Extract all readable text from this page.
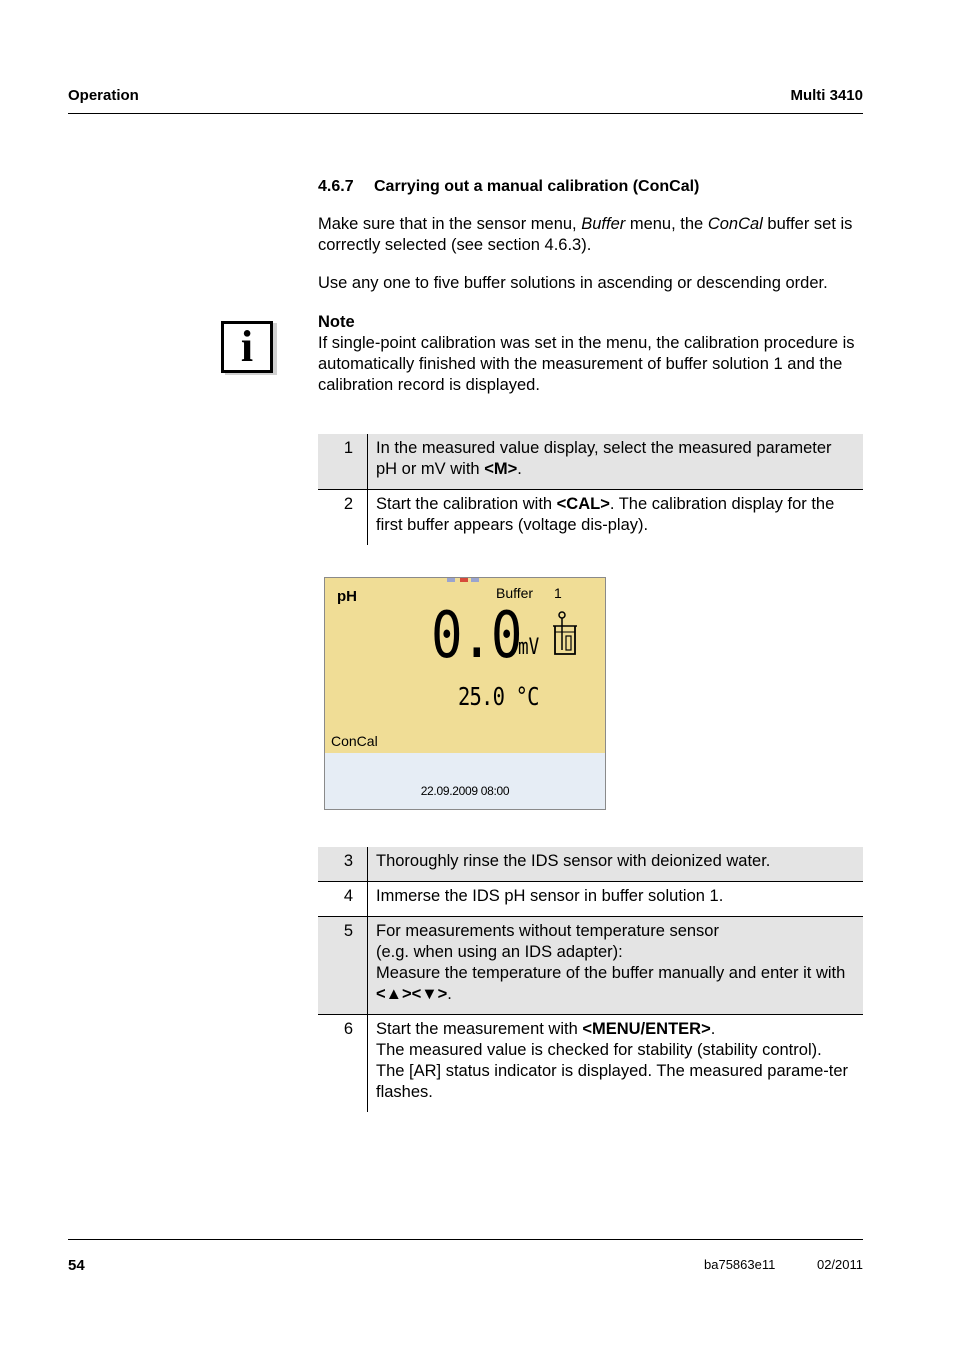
Operation	Multi 3410
4.6.7 Carrying out a manual calibration (ConCal)
Make sure that in the sensor menu, Buffer menu, the ConCal buffer set is correctly selected (see section 4.6.3).
Use any one to five buffer solutions in ascending or descending order.
i	Note
If single-point calibration was set in the menu, the calibration procedure is automatically finished with the measurement of buffer solution 1 and the calibration record is displayed.
1	In the measured value display, select the measured parameter pH or mV with <M>.
2	Start the calibration with <CAL>. The calibration display for the first buffer appears (voltage dis-play).
pH	Buffer 1
0.0
mV
25.0 °C
ConCal
22.09.2009 08:00
3	Thoroughly rinse the IDS sensor with deionized water.
4	Immerse the IDS pH sensor in buffer solution 1.
5	For measurements without temperature sensor
(e.g. when using an IDS adapter):
Measure the temperature of the buffer manually and enter it with <▲><▼>.

6	Start the measurement with <MENU/ENTER>.
The measured value is checked for stability (stability control).
The [AR] status indicator is displayed. The measured parame-ter flashes.
54	ba75863e11	02/2011
